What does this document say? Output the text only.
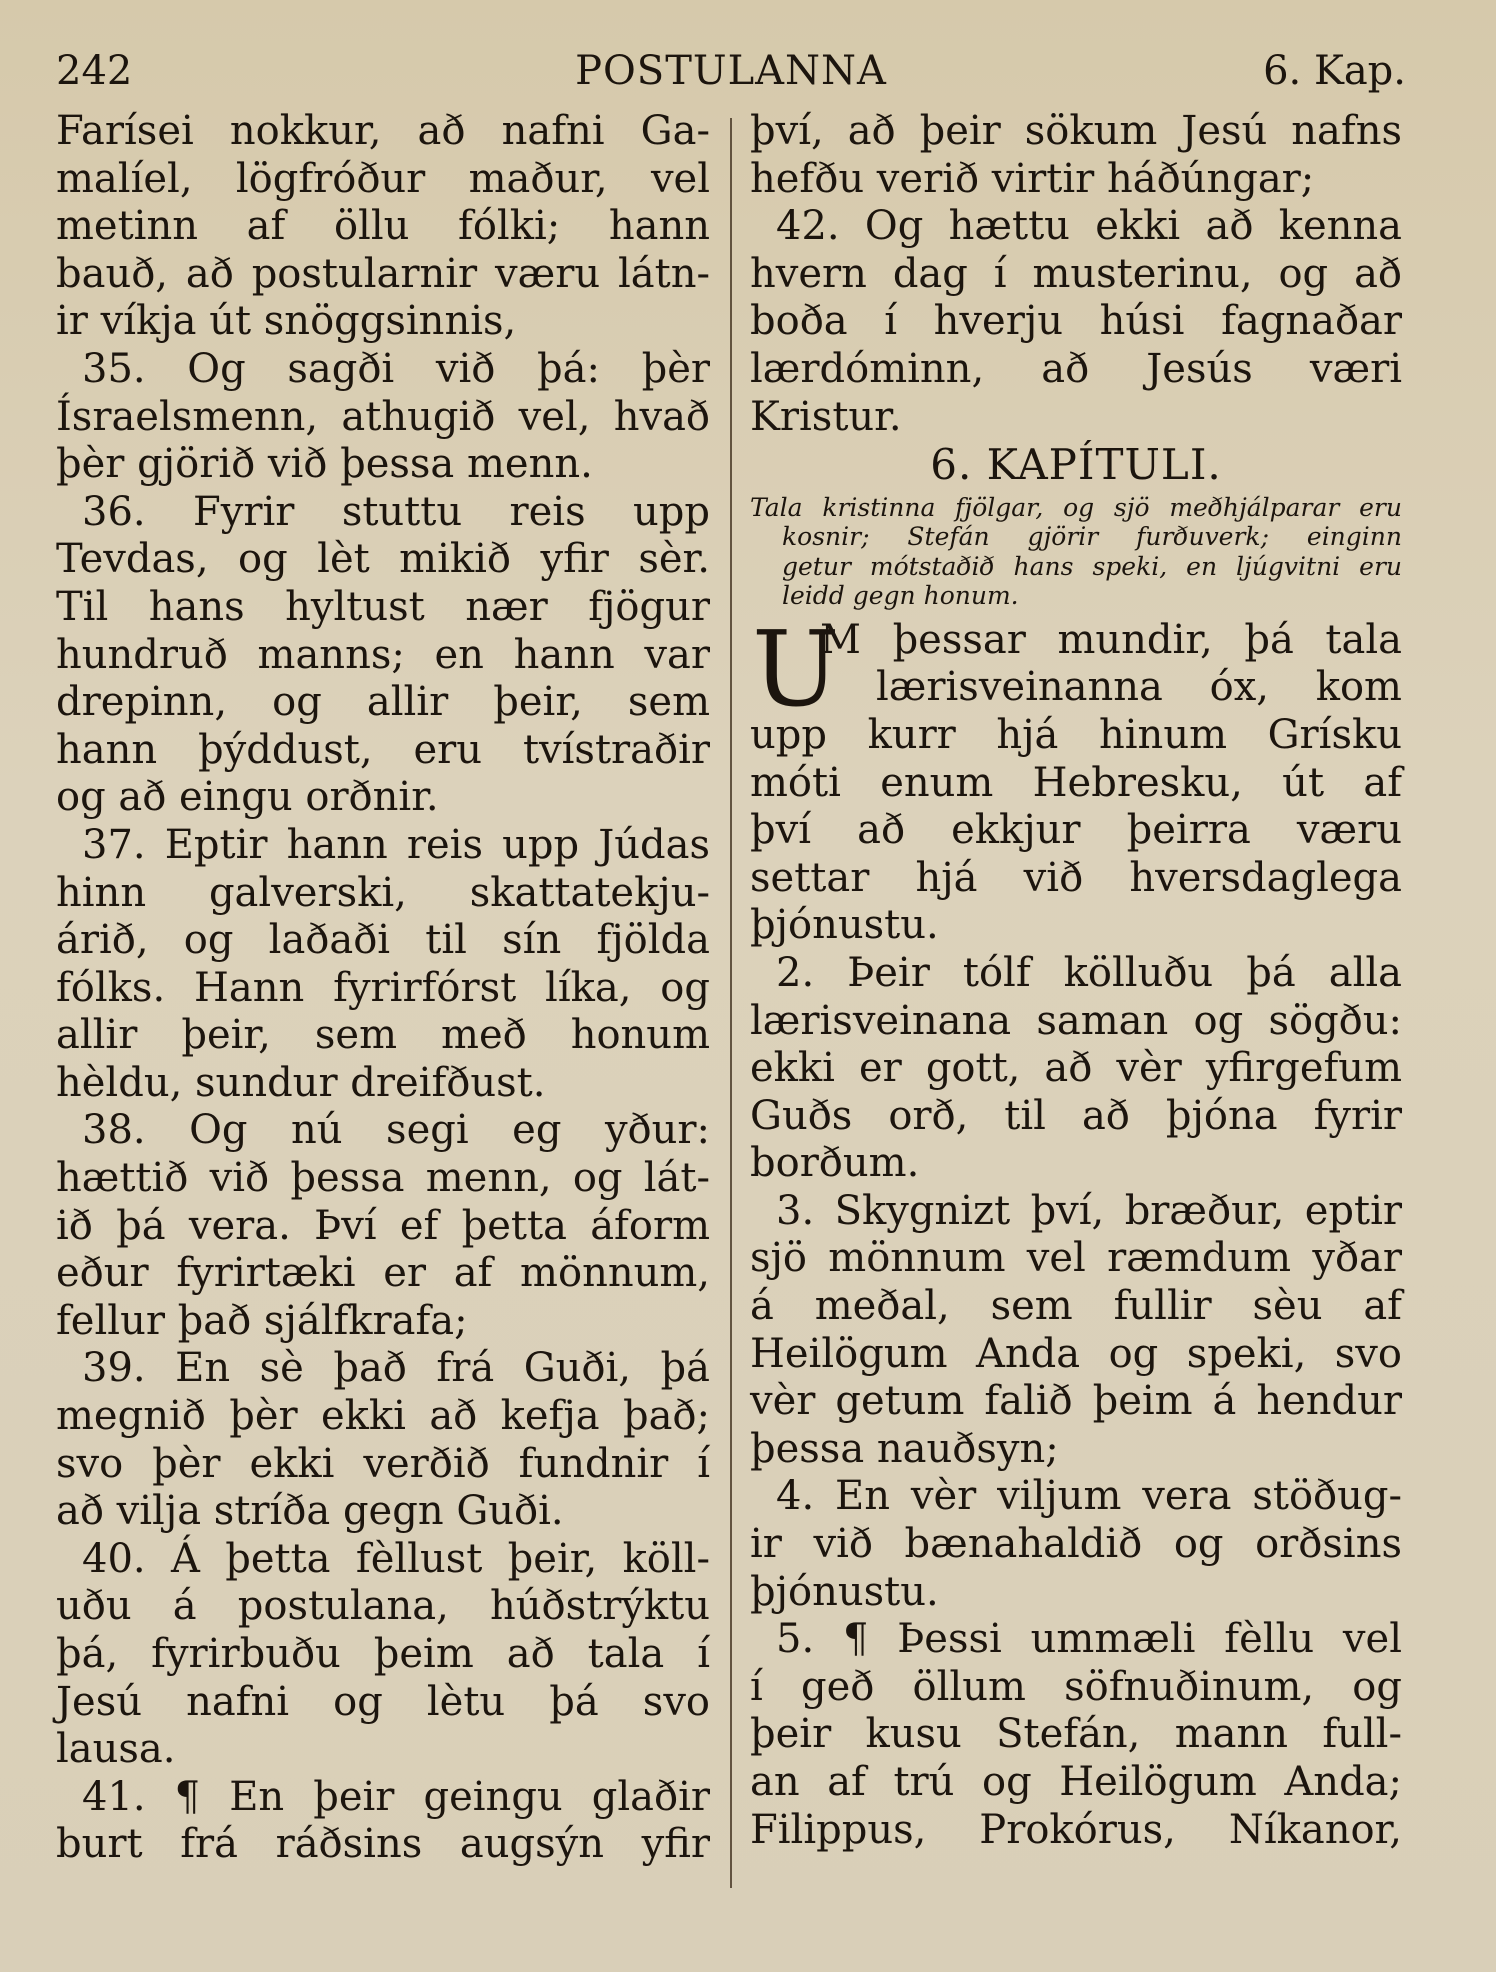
242	POSTULANNA	6. Kap.
Farísei nokkur, að nafni Ga-
malíel, lögfróður maður, vel
metinn af öllu fólki; hann
bauð, að postularnir væru látn-
ir víkja út snöggsinnis,
35. Og sagði við þá: þèr
Ísraelsmenn, athugið vel, hvað
þèr gjörið við þessa menn.
36. Fyrir stuttu reis upp
Tevdas, og lèt mikið yfir sèr.
Til hans hyltust nær fjögur
hundruð manns; en hann var
drepinn, og allir þeir, sem
hann þýddust, eru tvístraðir
og að eingu orðnir.
37. Eptir hann reis upp Júdas
hinn galverski, skattatekju-
árið, og laðaði til sín fjölda
fólks. Hann fyrirfórst líka, og
allir þeir, sem með honum
hèldu, sundur dreifðust.
38. Og nú segi eg yður:
hættið við þessa menn, og lát-
ið þá vera. Því ef þetta áform
eður fyrirtæki er af mönnum,
fellur það sjálfkrafa;
39. En sè það frá Guði, þá
megnið þèr ekki að kefja það;
svo þèr ekki verðið fundnir í
að vilja stríða gegn Guði.
40. Á þetta fèllust þeir, köll-
uðu á postulana, húðstrýktu
þá, fyrirbuðu þeim að tala í
Jesú nafni og lètu þá svo
lausa.
41. ¶ En þeir geingu glaðir
burt frá ráðsins augsýn yfir
því, að þeir sökum Jesú nafns
hefðu verið virtir háðúngar;
42. Og hættu ekki að kenna
hvern dag í musterinu, og að
boða í hverju húsi fagnaðar
lærdóminn, að Jesús væri
Kristur.
6. KAPÍTULI.
Tala kristinna fjölgar, og sjö meðhjálparar eru
kosnir; Stefán gjörir furðuverk; einginn
getur mótstaðið hans speki, en ljúgvitni eru
leidd gegn honum.
U
M þessar mundir, þá tala
lærisveinanna óx, kom
upp kurr hjá hinum Grísku
móti enum Hebresku, út af
því að ekkjur þeirra væru
settar hjá við hversdaglega
þjónustu.
2. Þeir tólf kölluðu þá alla
lærisveinana saman og sögðu:
ekki er gott, að vèr yfirgefum
Guðs orð, til að þjóna fyrir
borðum.
3. Skygnizt því, bræður, eptir
sjö mönnum vel ræmdum yðar
á meðal, sem fullir sèu af
Heilögum Anda og speki, svo
vèr getum falið þeim á hendur
þessa nauðsyn;
4. En vèr viljum vera stöðug-
ir við bænahaldið og orðsins
þjónustu.
5. ¶ Þessi ummæli fèllu vel
í geð öllum söfnuðinum, og
þeir kusu Stefán, mann full-
an af trú og Heilögum Anda;
Filippus, Prokórus, Níkanor,
